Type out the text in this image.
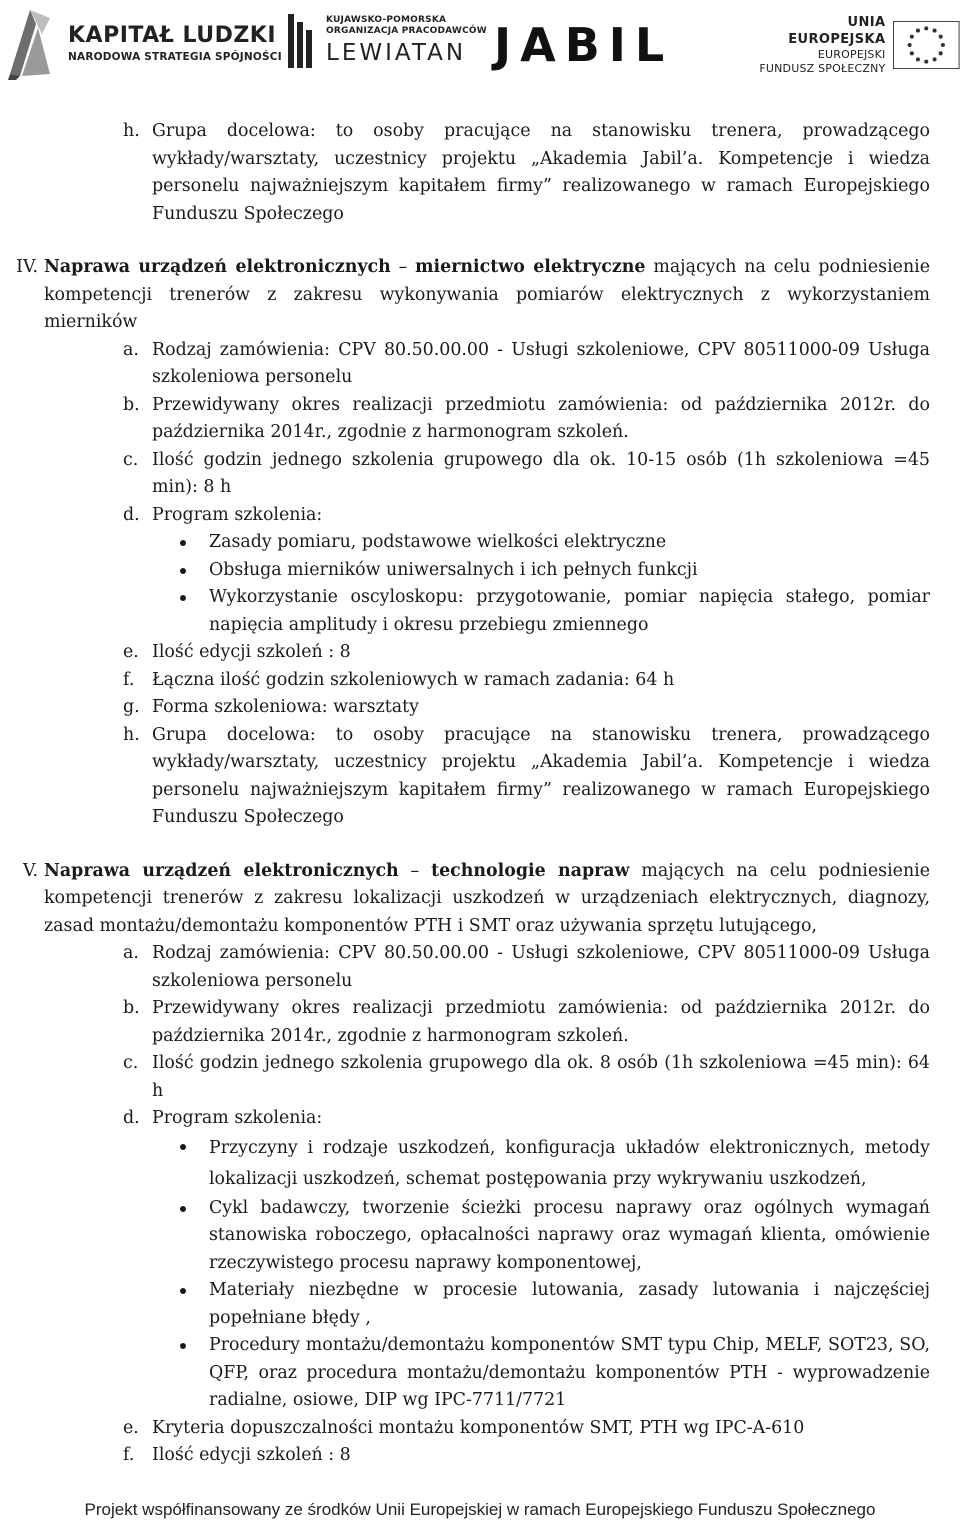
KAPITAŁ LUDZKI
NARODOWA STRATEGIA SPÓJNOŚCI
KUJAWSKO-POMORSKA
ORGANIZACJA PRACODAWCÓW
LEWIATAN JABIL	UNIA EUROPEJSKA
EUROPEJSKI
FUNDUSZ SPOŁECZNY
h. Grupa docelowa: to osoby pracujące na stanowisku trenera, prowadzącego wykłady/warsztaty, uczestnicy projektu „Akademia Jabil’a. Kompetencje i wiedza personelu najważniejszym kapitałem firmy” realizowanego w ramach Europejskiego Funduszu Społeczego
IV. Naprawa urządzeń elektronicznych – miernictwo elektryczne mających na celu podniesienie kompetencji trenerów z zakresu wykonywania pomiarów elektrycznych z wykorzystaniem mierników
a. Rodzaj zamówienia: CPV 80.50.00.00 - Usługi szkoleniowe, CPV 80511000-09 Usługa szkoleniowa personelu
b. Przewidywany okres realizacji przedmiotu zamówienia: od października 2012r. do października 2014r., zgodnie z harmonogram szkoleń.
c. Ilość godzin jednego szkolenia grupowego dla ok. 10-15 osób (1h szkoleniowa =45 min): 8 h
d. Program szkolenia:
Zasady pomiaru, podstawowe wielkości elektryczne
Obsługa mierników uniwersalnych i ich pełnych funkcji
Wykorzystanie oscyloskopu: przygotowanie, pomiar napięcia stałego, pomiar napięcia amplitudy i okresu przebiegu zmiennego
e. Ilość edycji szkoleń : 8
f.	Łączna ilość godzin szkoleniowych w ramach zadania: 64 h
g. Forma szkoleniowa: warsztaty
h. Grupa docelowa: to osoby pracujące na stanowisku trenera, prowadzącego wykłady/warsztaty, uczestnicy projektu „Akademia Jabil’a. Kompetencje i wiedza personelu najważniejszym kapitałem firmy” realizowanego w ramach Europejskiego Funduszu Społeczego
V. Naprawa urządzeń elektronicznych – technologie napraw mających na celu podniesienie kompetencji trenerów z zakresu lokalizacji uszkodzeń w urządzeniach elektrycznych, diagnozy, zasad montażu/demontażu komponentów PTH i SMT oraz używania sprzętu lutującego,
a. Rodzaj zamówienia: CPV 80.50.00.00 - Usługi szkoleniowe, CPV 80511000-09 Usługa szkoleniowa personelu
b. Przewidywany okres realizacji przedmiotu zamówienia: od października 2012r. do października 2014r., zgodnie z harmonogram szkoleń.
c. Ilość godzin jednego szkolenia grupowego dla ok. 8 osób (1h szkoleniowa =45 min): 64 h
d. Program szkolenia:
Przyczyny i rodzaje uszkodzeń, konfiguracja układów elektronicznych, metody lokalizacji uszkodzeń, schemat postępowania przy wykrywaniu uszkodzeń,
Cykl badawczy, tworzenie ścieżki procesu naprawy oraz ogólnych wymagań stanowiska roboczego, opłacalności naprawy oraz wymagań klienta, omówienie rzeczywistego procesu naprawy komponentowej,
Materiały niezbędne w procesie lutowania, zasady lutowania i najczęściej popełniane błędy ,
Procedury montażu/demontażu komponentów SMT typu Chip, MELF, SOT23, SO, QFP, oraz procedura montażu/demontażu komponentów PTH - wyprowadzenie radialne, osiowe, DIP wg IPC-7711/7721
e. Kryteria dopuszczalności montażu komponentów SMT, PTH wg IPC-A-610
f.	Ilość edycji szkoleń : 8
Projekt współfinansowany ze środków Unii Europejskiej w ramach Europejskiego Funduszu Społecznego
